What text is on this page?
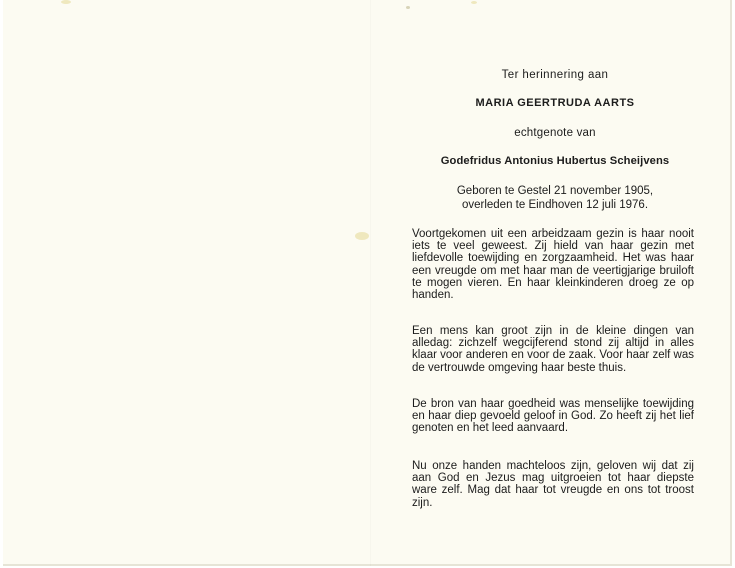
Ter herinnering aan
MARIA GEERTRUDA AARTS
echtgenote van
Godefridus Antonius Hubertus Scheijvens
Geboren te Gestel 21 november 1905,
overleden te Eindhoven 12 juli 1976.

Voortgekomen uit een arbeidzaam gezin is haar nooit iets te veel geweest. Zij hield van haar gezin met liefdevolle toewijding en zorgzaamheid. Het was haar een vreugde om met haar man de veertigjarige bruiloft te mogen vieren. En haar kleinkinderen droeg ze op handen.

Een mens kan groot zijn in de kleine dingen van alledag: zichzelf wegcijferend stond zij altijd in alles klaar voor anderen en voor de zaak. Voor haar zelf was de vertrouwde omgeving haar beste thuis.

De bron van haar goedheid was menselijke toewijding en haar diep gevoeld geloof in God. Zo heeft zij het lief genoten en het leed aanvaard.

Nu onze handen machteloos zijn, geloven wij dat zij aan God en Jezus mag uitgroeien tot haar diepste ware zelf. Mag dat haar tot vreugde en ons tot troost zijn.
